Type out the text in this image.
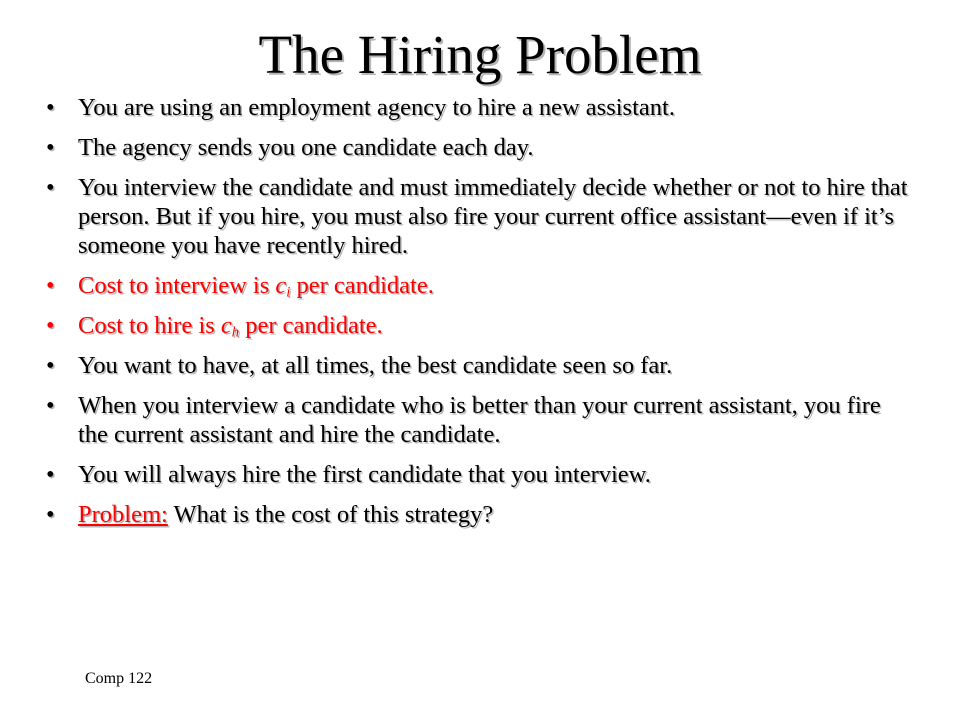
The Hiring Problem
• You are using an employment agency to hire a new assistant.
• The agency sends you one candidate each day.
• You interview the candidate and must immediately decide whether or not to hire that person. But if you hire, you must also fire your current office assistant—even if it’s someone you have recently hired.
• Cost to interview is $c_i$ per candidate.
• Cost to hire is $c_h$ per candidate.
• You want to have, at all times, the best candidate seen so far.
• When you interview a candidate who is better than your current assistant, you fire the current assistant and hire the candidate.
• You will always hire the first candidate that you interview.
• Problem: What is the cost of this strategy?
Comp 122
